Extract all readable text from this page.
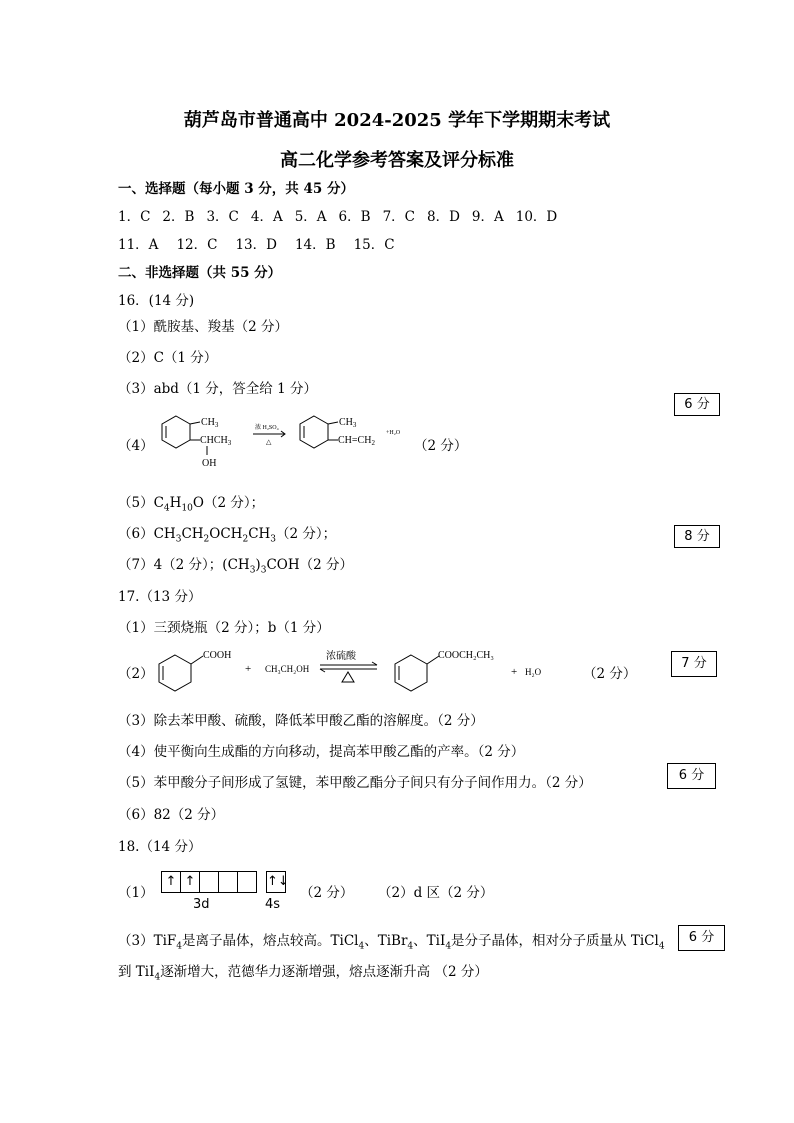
葫芦岛市普通高中 2024-2025 学年下学期期末考试
高二化学参考答案及评分标准
一、选择题（每小题 3 分，共 45 分）
1．C 2．B 3．C 4．A 5．A 6．B 7．C 8．D 9．A 10．D
11．A 12．C 13．D 14．B 15．C
二、非选择题（共 55 分）
16．(14 分)
（1）酰胺基、羧基（2 分）
（2）C（1 分）
（3）abd（1 分，答全给 1 分）
6 分
（4）
$CH_3$
$CHCH_3$
OH
浓 H₂SO₄
△
$CH_3$
$CH=CH_2$
+H₂O
（2 分）
$(5)C_4H_{10}O(2$ 分）；
$(6)CH_3CH_2OCH_2CH_3(2$ 分）；	8 分
（7）4（2 分）；$(CH_3)_3COH(2$ 分）
17.（13 分）
（1）三颈烧瓶（2 分）；b（1 分）
（2）
COOH
+ CH₃CH₂OH
浓硫酸	COOCH₂CH₃
+ H₂O	（2 分）
7 分
（3）除去苯甲酸、硫酸，降低苯甲酸乙酯的溶解度。（2 分）
（4）使平衡向生成酯的方向移动，提高苯甲酸乙酯的产率。（2 分）
（5）苯甲酸分子间形成了氢键，苯甲酸乙酯分子间只有分子间作用力。（2 分）	6 分
（6）82（2 分）
18.（14 分）
（1）
↑ ↑	↑↓
3d	4s
（2 分） （2）d 区（2 分）
（3）TiF$_4$是离子晶体，熔点较高。TiCl$_4$、TiBr$_4$、TiI$_4$是分子晶体，相对分子质量从 TiCl$_4$
6 分
到 TiI$_4$逐渐增大，范德华力逐渐增强，熔点逐渐升高 （2 分）
